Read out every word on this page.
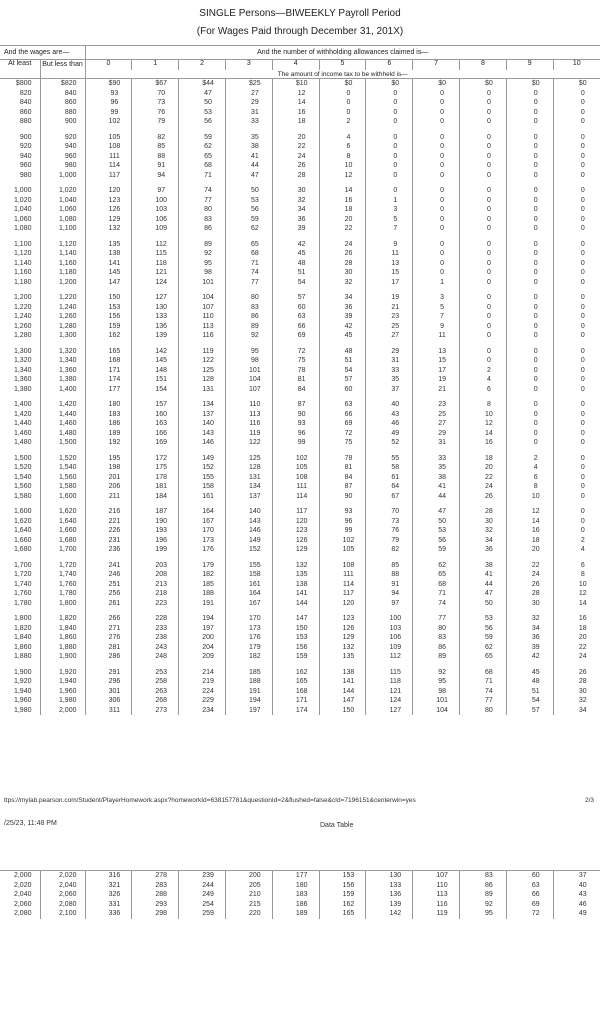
SINGLE Persons—BIWEEKLY Payroll Period
(For Wages Paid through December 31, 201X)
And the wages are—		And the number of withholding allowances claimed is—										
At least	But less than	0	1	2	3	4	5	6	7	8	9	10
		The amount of income tax to be withheld is—										
$800	$820	$90	$67	$44	$25	$10	$0	$0	$0	$0	$0	$0
820	840	93	70	47	27	12	0	0	0	0	0	0
840	860	96	73	50	29	14	0	0	0	0	0	0
860	880	99	76	53	31	16	0	0	0	0	0	0
880	900	102	79	56	33	18	2	0	0	0	0	0

900	920	105	82	59	35	20	4	0	0	0	0	0
920	940	108	85	62	38	22	6	0	0	0	0	0
940	960	111	88	65	41	24	8	0	0	0	0	0
960	980	114	91	68	44	26	10	0	0	0	0	0
980	1,000	117	94	71	47	28	12	0	0	0	0	0

1,000	1,020	120	97	74	50	30	14	0	0	0	0	0
1,020	1,040	123	100	77	53	32	16	1	0	0	0	0
1,040	1,060	126	103	80	56	34	18	3	0	0	0	0
1,060	1,080	129	106	83	59	36	20	5	0	0	0	0
1,080	1,100	132	109	86	62	39	22	7	0	0	0	0

1,100	1,120	135	112	89	65	42	24	9	0	0	0	0
1,120	1,140	138	115	92	68	45	26	11	0	0	0	0
1,140	1,160	141	118	95	71	48	28	13	0	0	0	0
1,160	1,180	145	121	98	74	51	30	15	0	0	0	0
1,180	1,200	147	124	101	77	54	32	17	1	0	0	0

1,200	1,220	150	127	104	80	57	34	19	3	0	0	0
1,220	1,240	153	130	107	83	60	36	21	5	0	0	0
1,240	1,260	156	133	110	86	63	39	23	7	0	0	0
1,260	1,280	159	136	113	89	66	42	25	9	0	0	0
1,280	1,300	162	139	116	92	69	45	27	11	0	0	0

1,300	1,320	165	142	119	95	72	48	29	13	0	0	0
1,320	1,340	168	145	122	98	75	51	31	15	0	0	0
1,340	1,360	171	148	125	101	78	54	33	17	2	0	0
1,360	1,380	174	151	128	104	81	57	35	19	4	0	0
1,380	1,400	177	154	131	107	84	60	37	21	6	0	0

1,400	1,420	180	157	134	110	87	63	40	23	8	0	0
1,420	1,440	183	160	137	113	90	66	43	25	10	0	0
1,440	1,460	186	163	140	116	93	69	46	27	12	0	0
1,460	1,480	189	166	143	119	96	72	49	29	14	0	0
1,480	1,500	192	169	146	122	99	75	52	31	16	0	0

1,500	1,520	195	172	149	125	102	78	55	33	18	2	0
1,520	1,540	198	175	152	128	105	81	58	35	20	4	0
1,540	1,560	201	178	155	131	108	84	61	38	22	6	0
1,560	1,580	206	181	158	134	111	87	64	41	24	8	0
1,580	1,600	211	184	161	137	114	90	67	44	26	10	0

1,600	1,620	216	187	164	140	117	93	70	47	28	12	0
1,620	1,640	221	190	167	143	120	96	73	50	30	14	0
1,640	1,660	226	193	170	146	123	99	76	53	32	16	0
1,660	1,680	231	196	173	149	126	102	79	56	34	18	2
1,680	1,700	236	199	176	152	129	105	82	59	36	20	4

1,700	1,720	241	203	179	155	132	108	85	62	38	22	6
1,720	1,740	246	208	182	158	135	111	88	65	41	24	8
1,740	1,760	251	213	185	161	138	114	91	68	44	26	10
1,760	1,780	256	218	188	164	141	117	94	71	47	28	12
1,780	1,800	261	223	191	167	144	120	97	74	50	30	14

1,800	1,820	266	228	194	170	147	123	100	77	53	32	16
1,820	1,840	271	233	197	173	150	126	103	80	56	34	18
1,840	1,860	276	238	200	176	153	129	106	83	59	36	20
1,860	1,880	281	243	204	179	156	132	109	86	62	39	22
1,880	1,900	286	248	209	182	159	135	112	89	65	42	24

1,900	1,920	291	253	214	185	162	138	115	92	68	45	26
1,920	1,940	296	258	219	188	165	141	118	95	71	48	28
1,940	1,960	301	263	224	191	168	144	121	98	74	51	30
1,960	1,980	306	268	229	194	171	147	124	101	77	54	32
1,980	2,000	311	273	234	197	174	150	127	104	80	57	34
ttps://mylab.pearson.com/Student/PlayerHomework.aspx?homeworkId=638157781&questionId=2&flushed=false&cId=7196151&centerwin=yes	2/3
/25/23, 11:48 PM	Data Table
2,000	2,020	316	278	239	200	177	153	130	107	83	60	37
2,020	2,040	321	283	244	205	180	156	133	110	86	63	40
2,040	2,060	326	288	249	210	183	159	136	113	89	66	43
2,060	2,080	331	293	254	215	186	162	139	116	92	69	46
2,080	2,100	336	298	259	220	189	165	142	119	95	72	49
